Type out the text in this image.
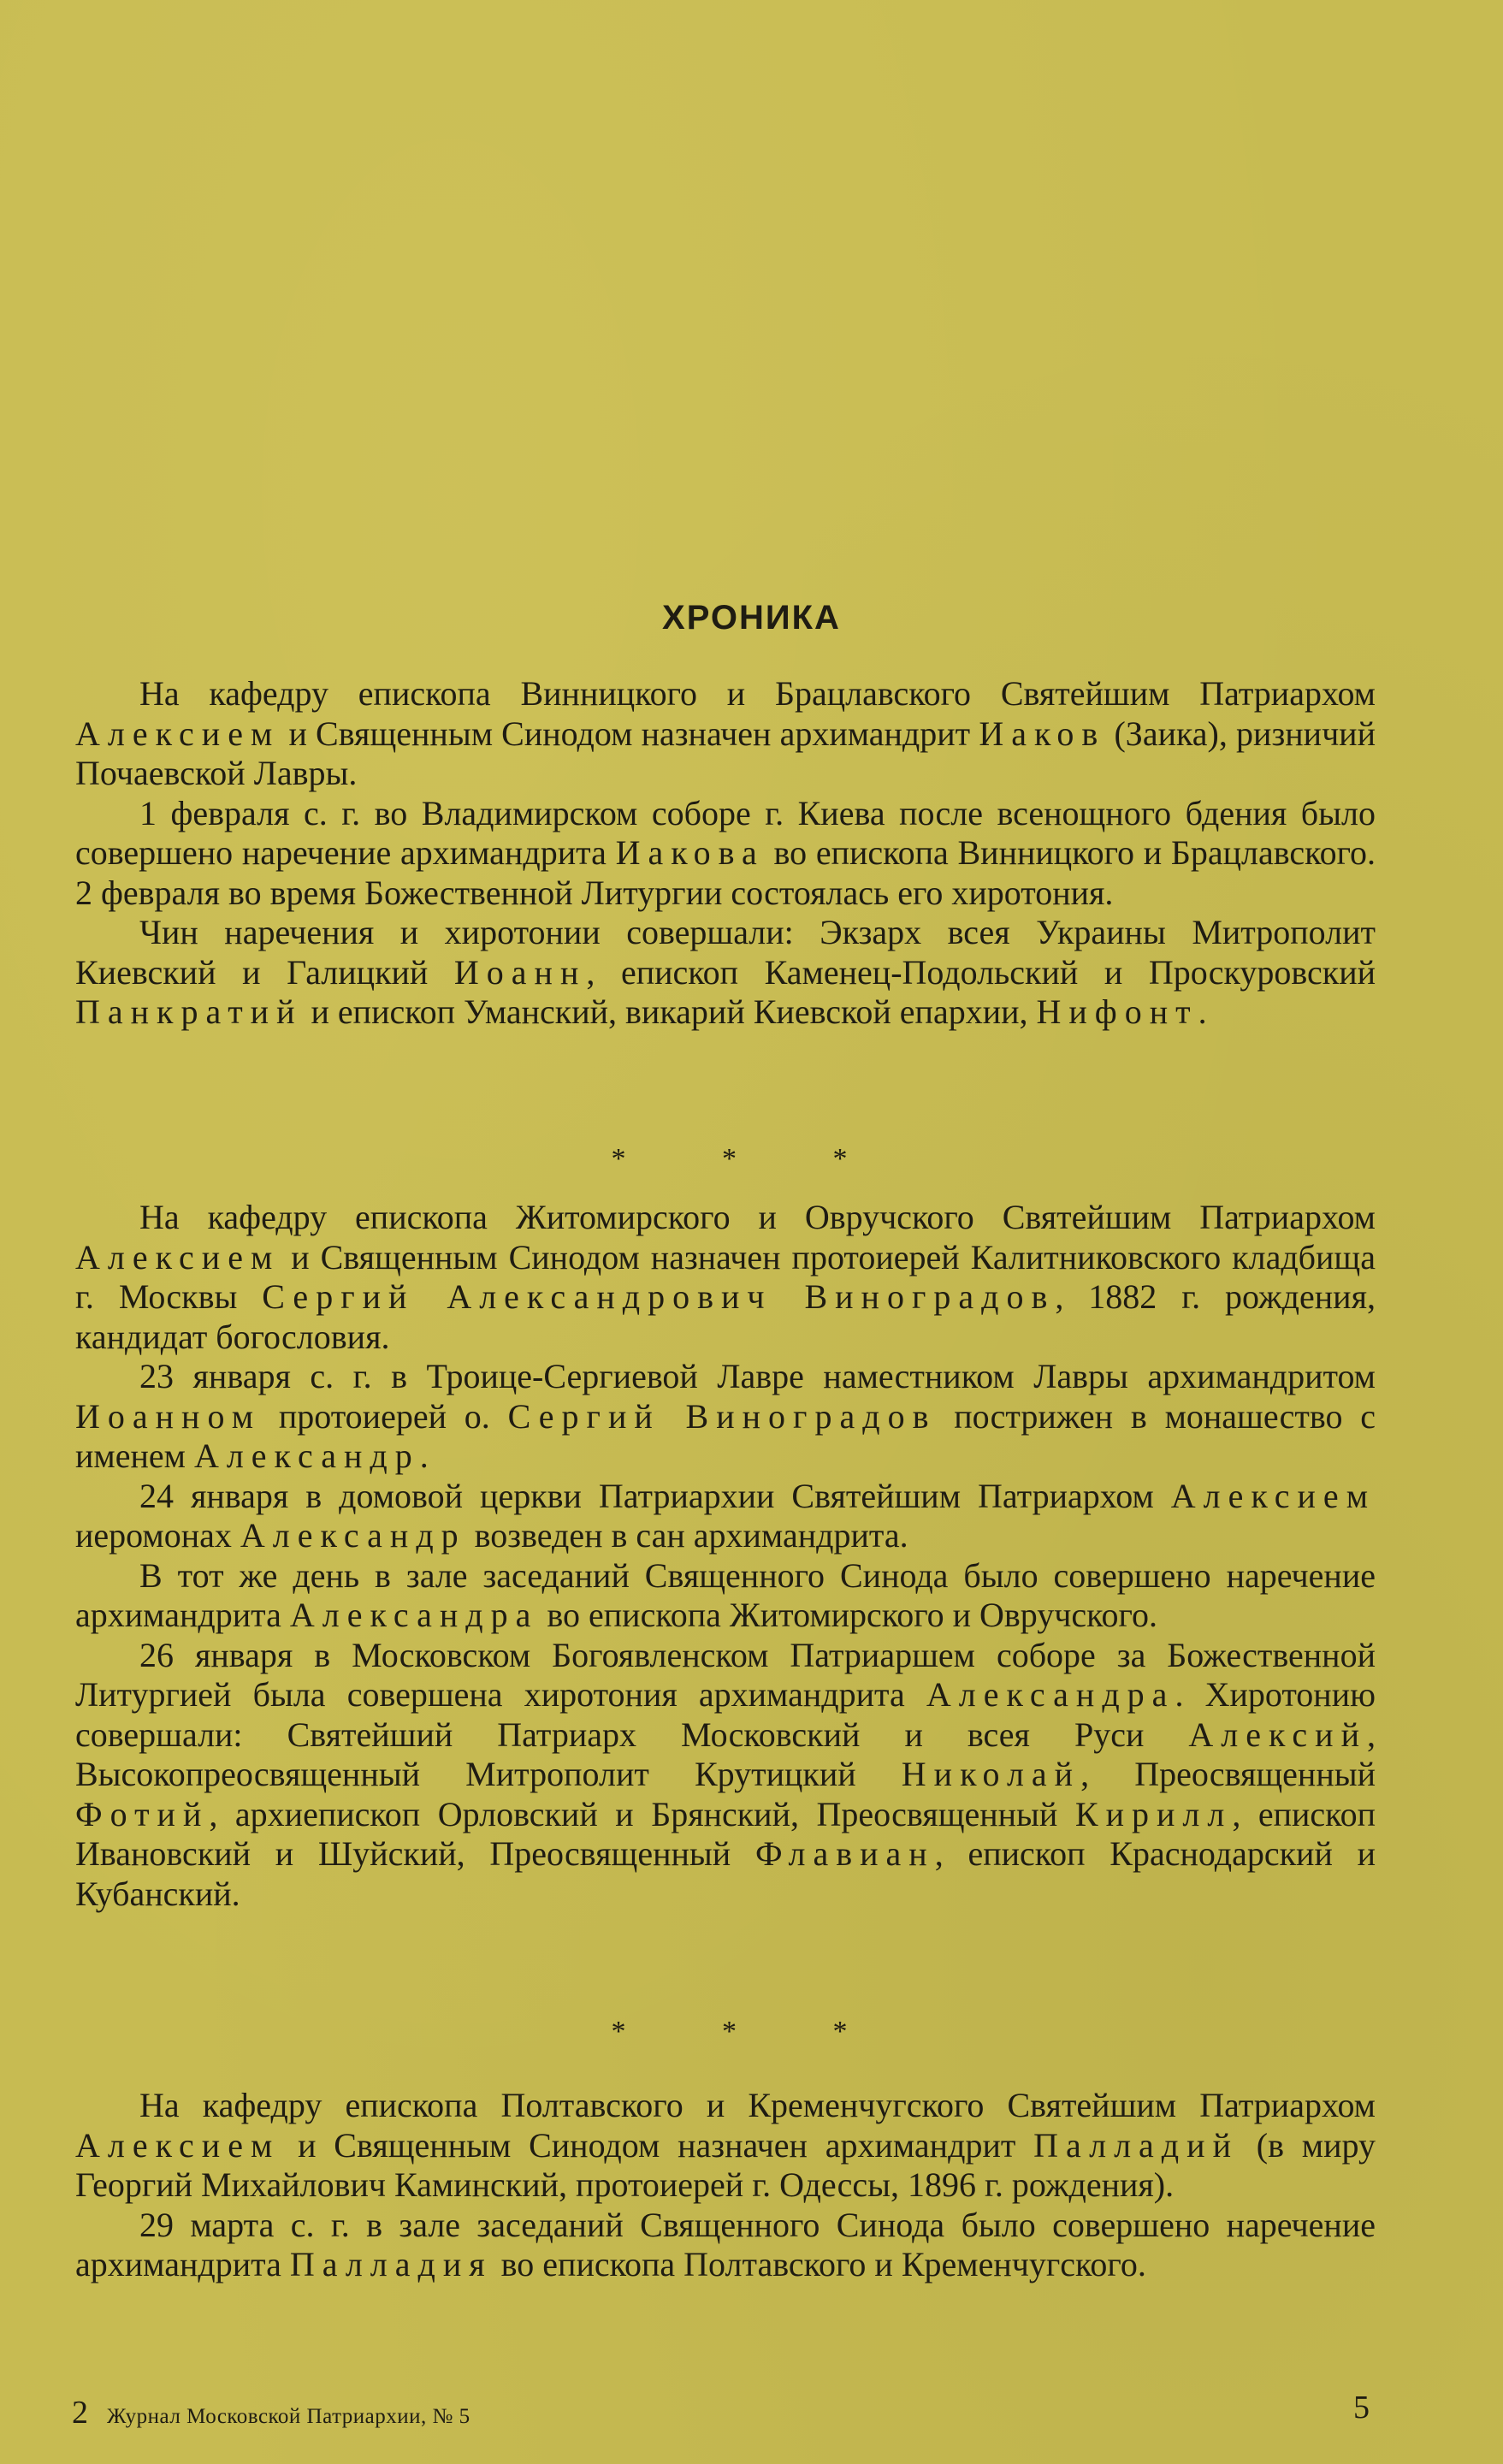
ХРОНИКА

На кафедру епископа Винницкого и Брацлавского Святейшим Патриархом Алексием и Священным Синодом назначен архимандрит Иаков (Заика), ризничий Почаевской Лавры.

1 февраля с. г. во Владимирском соборе г. Киева после всенощного бдения было совершено наречение архимандрита Иакова во епископа Винницкого и Брацлавского. 2 февраля во время Божественной Литургии состоялась его хиротония.

Чин наречения и хиротонии совершали: Экзарх всея Украины Митрополит Киевский и Галицкий Иоанн, епископ Каменец-Подольский и Проскуровский Панкратий и епископ Уманский, викарий Киевской епархии, Нифонт.

* * *

На кафедру епископа Житомирского и Овручского Святейшим Патриархом Алексием и Священным Синодом назначен протоиерей Калитниковского кладбища г. Москвы Сергий Александрович Виноградов, 1882 г. рождения, кандидат богословия.

23 января с. г. в Троице-Сергиевой Лавре наместником Лавры архимандритом Иоанном протоиерей о. Сергий Виноградов пострижен в монашество с именем Александр.

24 января в домовой церкви Патриархии Святейшим Патриархом Алексием иеромонах Александр возведен в сан архимандрита.

В тот же день в зале заседаний Священного Синода было совершено наречение архимандрита Александра во епископа Житомирского и Овручского.

26 января в Московском Богоявленском Патриаршем соборе за Божественной Литургией была совершена хиротония архимандрита Александра. Хиротонию совершали: Святейший Патриарх Московский и всея Руси Алексий, Высокопреосвященный Митрополит Крутицкий Николай, Преосвященный Фотий, архиепископ Орловский и Брянский, Преосвященный Кирилл, епископ Ивановский и Шуйский, Преосвященный Флавиан, епископ Краснодарский и Кубанский.

* * *

На кафедру епископа Полтавского и Кременчугского Святейшим Патриархом Алексием и Священным Синодом назначен архимандрит Палладий (в миру Георгий Михайлович Каминский, протоиерей г. Одессы, 1896 г. рождения).

29 марта с. г. в зале заседаний Священного Синода было совершено наречение архимандрита Палладия во епископа Полтавского и Кременчугского.

2 Журнал Московской Патриархии, № 5	5
